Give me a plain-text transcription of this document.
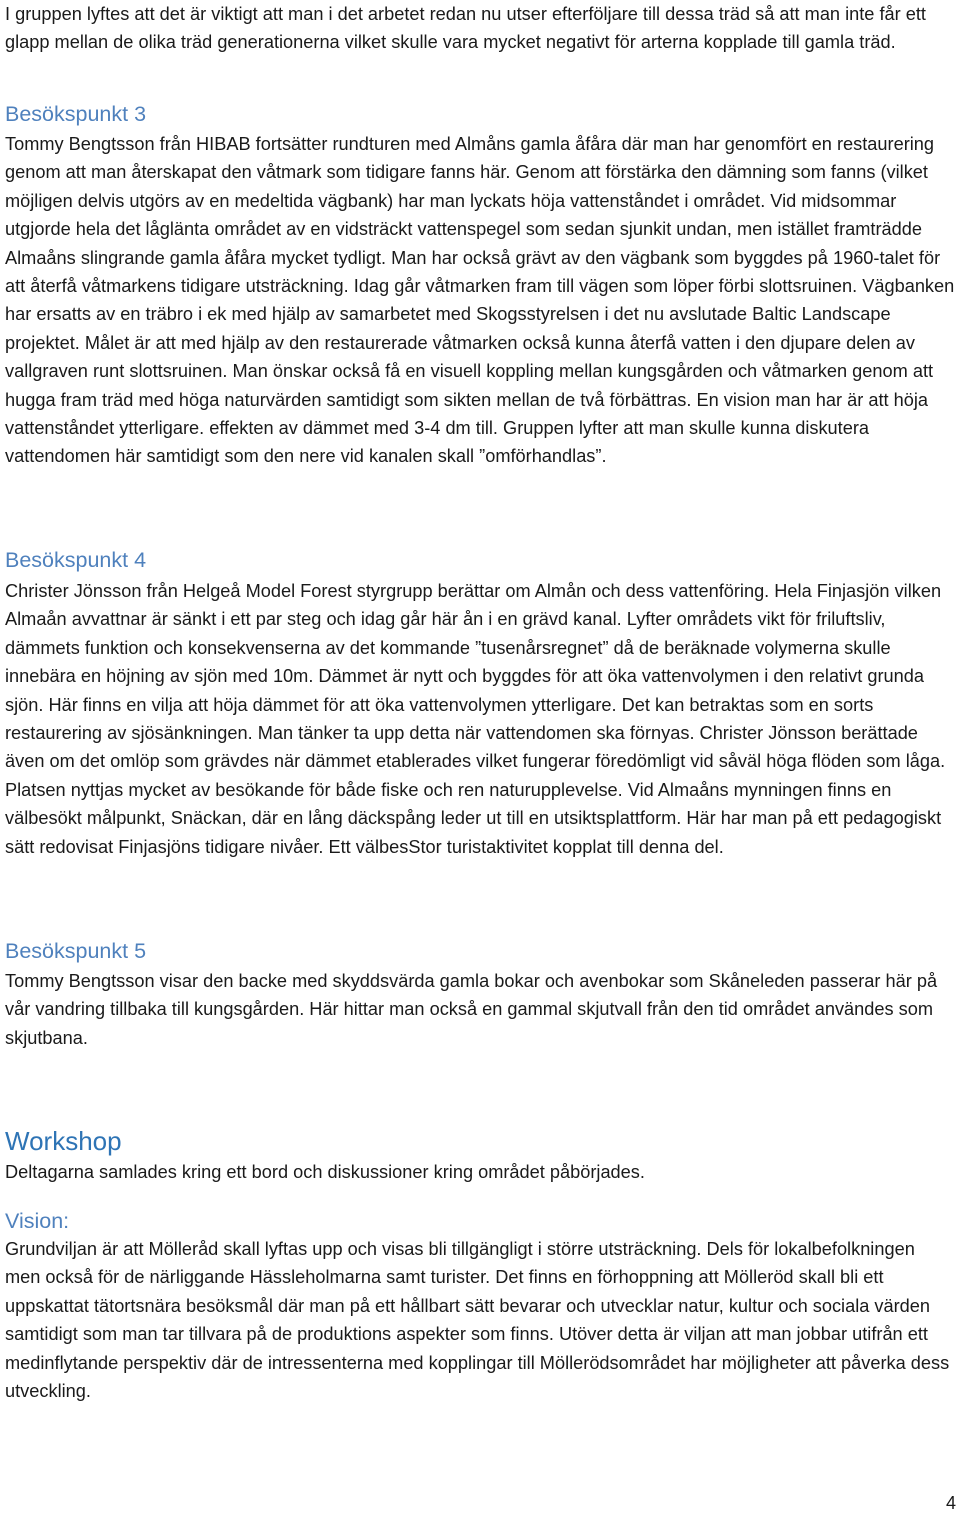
I gruppen lyftes att det är viktigt att man i det arbetet redan nu utser efterföljare till dessa träd så att man inte får ett glapp mellan de olika träd generationerna vilket skulle vara mycket negativt för arterna kopplade till gamla träd.

Besökspunkt 3

Tommy Bengtsson från HIBAB fortsätter rundturen med Almåns gamla åfåra där man har genomfört en restaurering genom att man återskapat den våtmark som tidigare fanns här. Genom att förstärka den dämning som fanns (vilket möjligen delvis utgörs av en medeltida vägbank) har man lyckats höja vattenståndet i området. Vid midsommar utgjorde hela det låglänta området av en vidsträckt vattenspegel som sedan sjunkit undan, men istället framträdde Almaåns slingrande gamla åfåra mycket tydligt. Man har också grävt av den vägbank som byggdes på 1960-talet för att återfå våtmarkens tidigare utsträckning. Idag går våtmarken fram till vägen som löper förbi slottsruinen. Vägbanken har ersatts av en träbro i ek med hjälp av samarbetet med Skogsstyrelsen i det nu avslutade Baltic Landscape projektet. Målet är att med hjälp av den restaurerade våtmarken också kunna återfå vatten i den djupare delen av vallgraven runt slottsruinen. Man önskar också få en visuell koppling mellan kungsgården och våtmarken genom att hugga fram träd med höga naturvärden samtidigt som sikten mellan de två förbättras. En vision man har är att höja vattenståndet ytterligare. effekten av dämmet med 3-4 dm till. Gruppen lyfter att man skulle kunna diskutera vattendomen här samtidigt som den nere vid kanalen skall ”omförhandlas”.

Besökspunkt 4

Christer Jönsson från Helgeå Model Forest styrgrupp berättar om Almån och dess vattenföring. Hela Finjasjön vilken Almaån avvattnar är sänkt i ett par steg och idag går här ån i en grävd kanal. Lyfter områdets vikt för friluftsliv, dämmets funktion och konsekvenserna av det kommande ”tusenårsregnet” då de beräknade volymerna skulle innebära en höjning av sjön med 10m. Dämmet är nytt och byggdes för att öka vattenvolymen i den relativt grunda sjön. Här finns en vilja att höja dämmet för att öka vattenvolymen ytterligare. Det kan betraktas som en sorts restaurering av sjösänkningen. Man tänker ta upp detta när vattendomen ska förnyas. Christer Jönsson berättade även om det omlöp som grävdes när dämmet etablerades vilket fungerar föredömligt vid såväl höga flöden som låga. Platsen nyttjas mycket av besökande för både fiske och ren naturupplevelse. Vid Almaåns mynningen finns en välbesökt målpunkt, Snäckan, där en lång däckspång leder ut till en utsiktsplattform. Här har man på ett pedagogiskt sätt redovisat Finjasjöns tidigare nivåer. Ett välbesStor turistaktivitet kopplat till denna del.

Besökspunkt 5

Tommy Bengtsson visar den backe med skyddsvärda gamla bokar och avenbokar som Skåneleden passerar här på vår vandring tillbaka till kungsgården. Här hittar man också en gammal skjutvall från den tid området användes som skjutbana.

Workshop

Deltagarna samlades kring ett bord och diskussioner kring området påbörjades.

Vision:

Grundviljan är att Mölleråd skall lyftas upp och visas bli tillgängligt i större utsträckning. Dels för lokalbefolkningen men också för de närliggande Hässleholmarna samt turister. Det finns en förhoppning att Mölleröd skall bli ett uppskattat tätortsnära besöksmål där man på ett hållbart sätt bevarar och utvecklar natur, kultur och sociala värden samtidigt som man tar tillvara på de produktions aspekter som finns. Utöver detta är viljan att man jobbar utifrån ett medinflytande perspektiv där de intressenterna med kopplingar till Möllerödsområdet har möjligheter att påverka dess utveckling.

4
